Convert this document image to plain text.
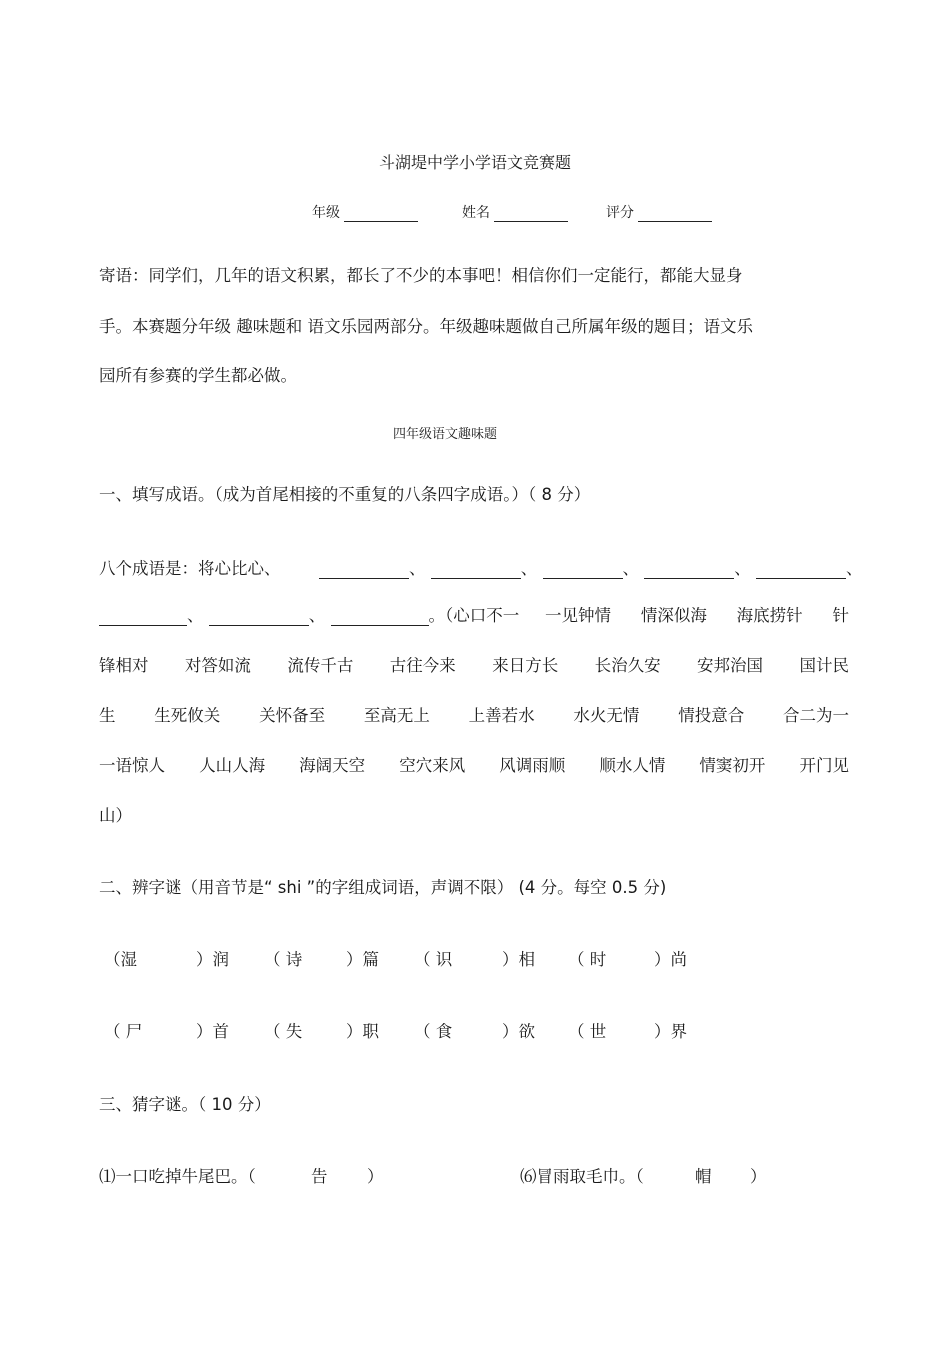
斗湖堤中学小学语文竞赛题
年级	姓名	评分
寄语：同学们，几年的语文积累，都长了不少的本事吧！相信你们一定能行，都能大显身
手。本赛题分年级 趣味题和 语文乐园两部分。年级趣味题做自己所属年级的题目；语文乐
园所有参赛的学生都必做。
四年级语文趣味题
一、填写成语。（成为首尾相接的不重复的八条四字成语。）（ 8 分）
八个成语是：将心比心、	、	、	、	、	、
、	、	。（心口不一 一见钟情 情深似海 海底捞针 针
锋相对 对答如流 流传千古 古往今来 来日方长 长治久安 安邦治国 国计民
生 生死攸关 关怀备至 至高无上 上善若水 水火无情 情投意合 合二为一
一语惊人 人山人海 海阔天空 空穴来风 风调雨顺 顺水人情 情窦初开 开门见
山）
二、辨字谜（用音节是“ shi ”的字组成词语，声调不限） (4 分。每空 0.5 分)
（湿	）润 （ 诗	）篇 （ 识	）相 （ 时	）尚
（ 尸	）首 （ 失	）职 （ 食	）欲 （ 世	）界
三、猜字谜。（ 10 分）
⑴一口吃掉牛尾巴。（	告 ）	⑹冒雨取毛巾。（	帽 ）
